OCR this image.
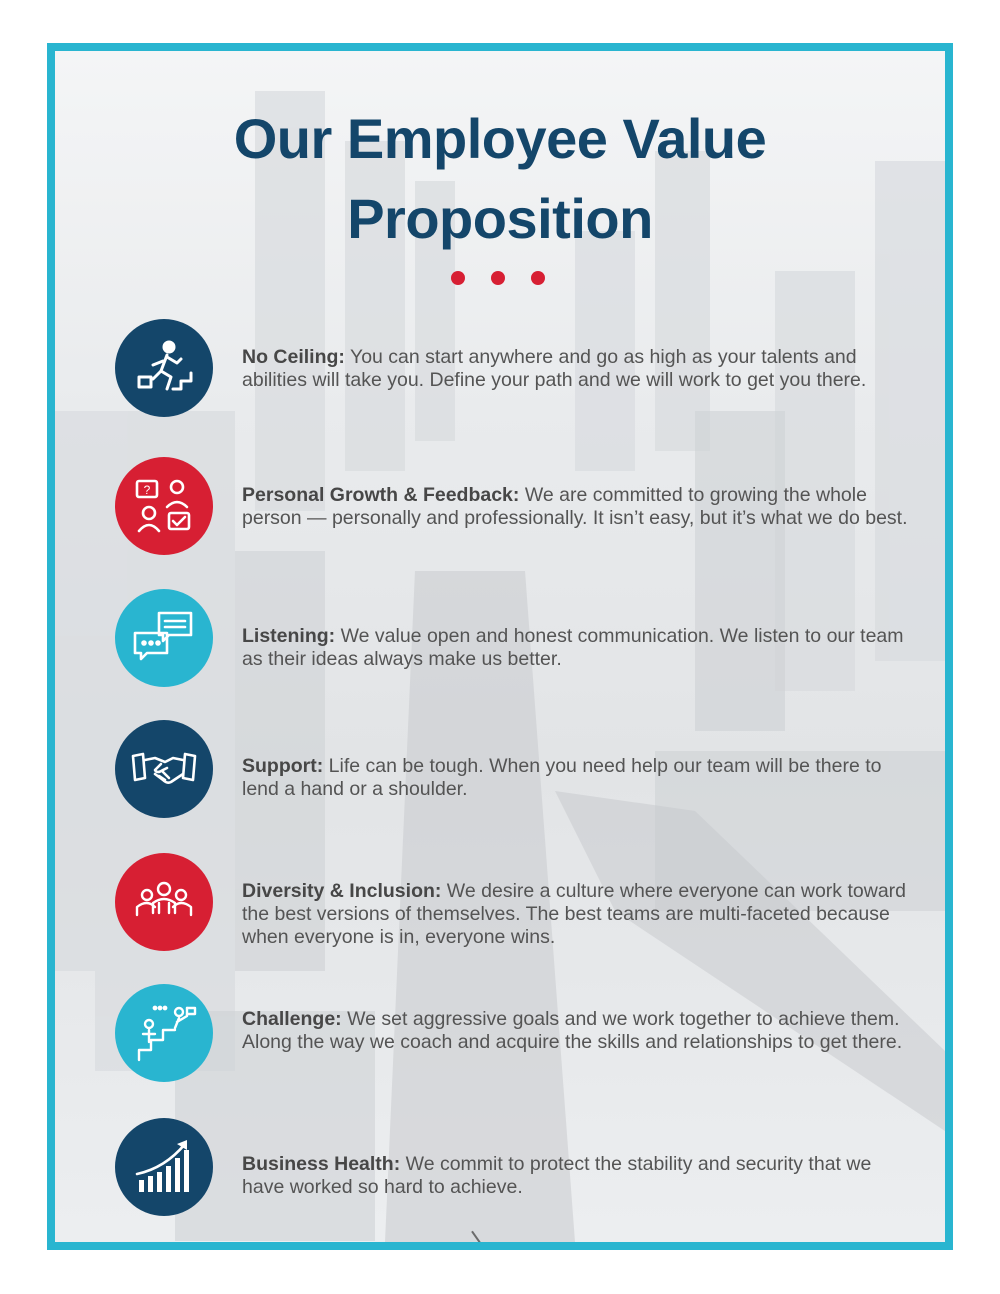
Our Employee Value
Proposition
No Ceiling: You can start anywhere and go as high as your talents and abilities will take you. Define your path and we will work to get you there.
?	Personal Growth & Feedback: We are committed to growing the whole person — personally and professionally. It isn’t easy, but it’s what we do best.
Listening: We value open and honest communication. We listen to our team as their ideas always make us better.
Support: Life can be tough. When you need help our team will be there to lend a hand or a shoulder.
Diversity & Inclusion: We desire a culture where everyone can work toward the best versions of themselves. The best teams are multi-faceted because when everyone is in, everyone wins.
Challenge: We set aggressive goals and we work together to achieve them. Along the way we coach and acquire the skills and relationships to get there.
Business Health: We commit to protect the stability and security that we have worked so hard to achieve.
